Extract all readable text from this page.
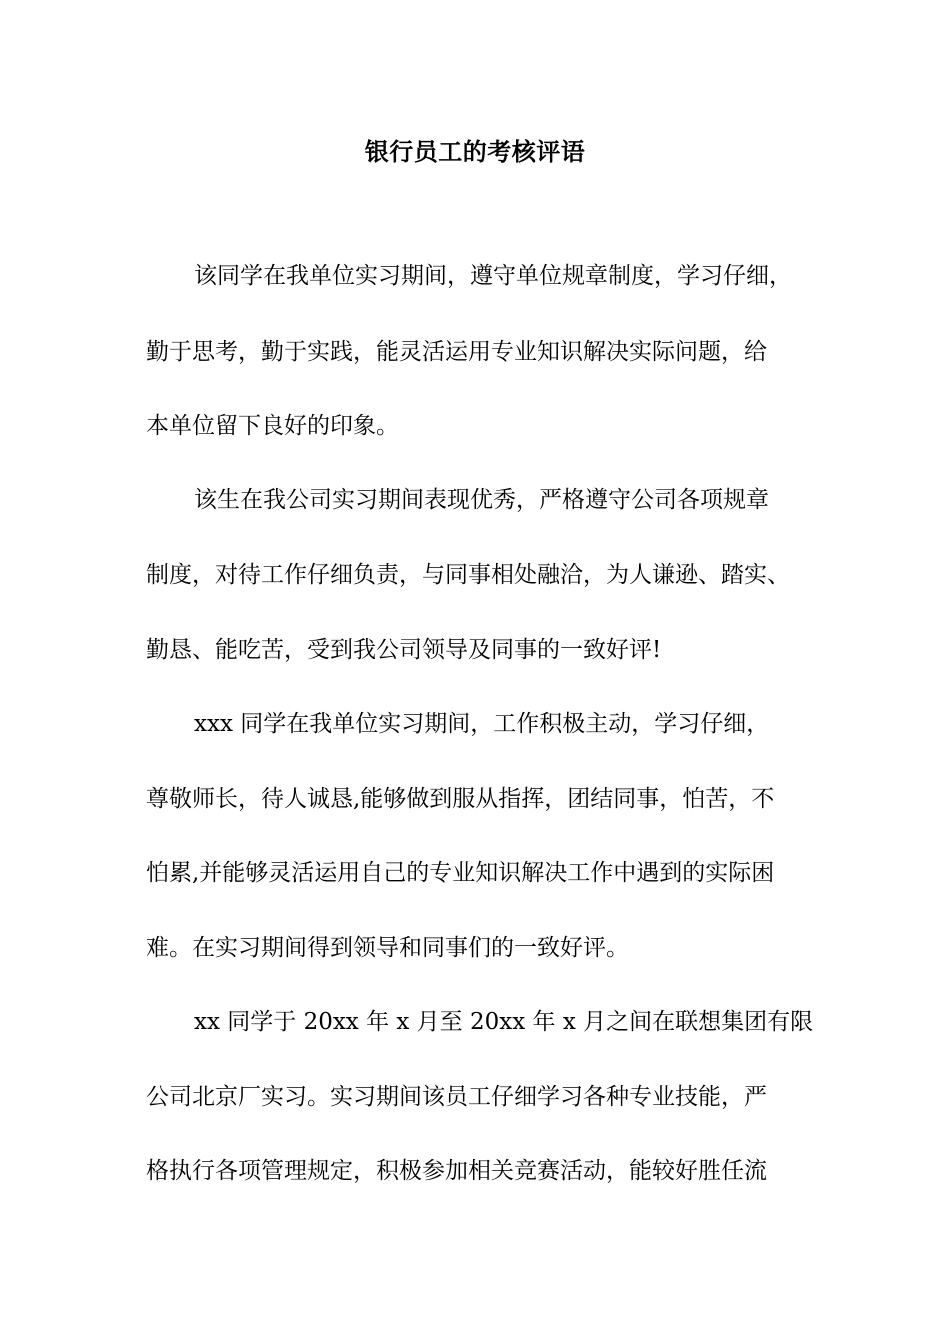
银行员工的考核评语

该同学在我单位实习期间，遵守单位规章制度，学习仔细，

勤于思考，勤于实践，能灵活运用专业知识解决实际问题，给

本单位留下良好的印象。

该生在我公司实习期间表现优秀，严格遵守公司各项规章

制度，对待工作仔细负责，与同事相处融洽，为人谦逊、踏实、

勤恳、能吃苦，受到我公司领导及同事的一致好评!

xxx 同学在我单位实习期间，工作积极主动，学习仔细，

尊敬师长，待人诚恳,能够做到服从指挥，团结同事，怕苦，不

怕累,并能够灵活运用自己的专业知识解决工作中遇到的实际困

难。在实习期间得到领导和同事们的一致好评。

xx 同学于 20xx 年 x 月至 20xx 年 x 月之间在联想集团有限

公司北京厂实习。实习期间该员工仔细学习各种专业技能，严

格执行各项管理规定，积极参加相关竞赛活动，能较好胜任流
